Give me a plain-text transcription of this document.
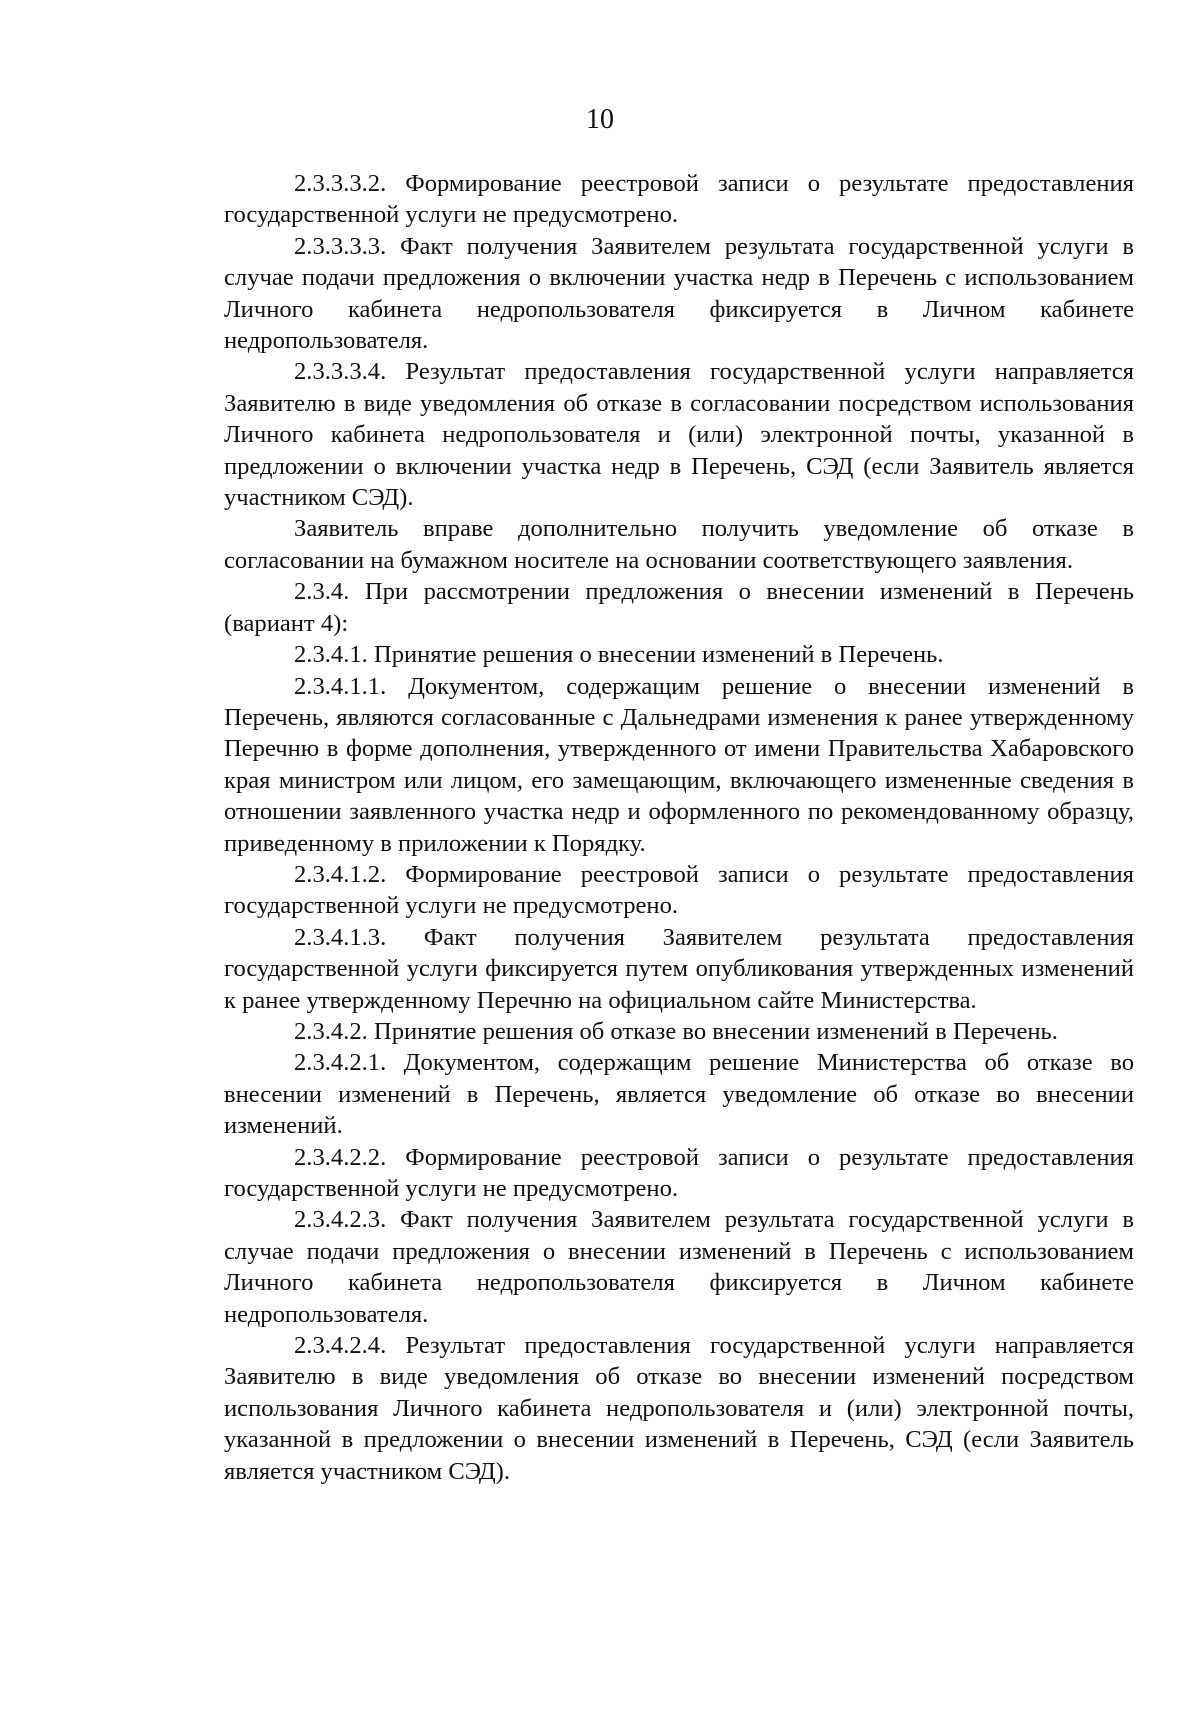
10

2.3.3.3.2. Формирование реестровой записи о результате предоставления государственной услуги не предусмотрено.

2.3.3.3.3. Факт получения Заявителем результата государственной услуги в случае подачи предложения о включении участка недр в Перечень с использованием Личного кабинета недропользователя фиксируется в Личном кабинете недропользователя.

2.3.3.3.4. Результат предоставления государственной услуги направляется Заявителю в виде уведомления об отказе в согласовании посредством использования Личного кабинета недропользователя и (или) электронной почты, указанной в предложении о включении участка недр в Перечень, СЭД (если Заявитель является участником СЭД).

Заявитель вправе дополнительно получить уведомление об отказе в согласовании на бумажном носителе на основании соответствующего заявления.

2.3.4. При рассмотрении предложения о внесении изменений в Перечень (вариант 4):

2.3.4.1. Принятие решения о внесении изменений в Перечень.

2.3.4.1.1. Документом, содержащим решение о внесении изменений в Перечень, являются согласованные с Дальнедрами изменения к ранее утвержденному Перечню в форме дополнения, утвержденного от имени Правительства Хабаровского края министром или лицом, его замещающим, включающего измененные сведения в отношении заявленного участка недр и оформленного по рекомендованному образцу, приведенному в приложении к Порядку.

2.3.4.1.2. Формирование реестровой записи о результате предоставления государственной услуги не предусмотрено.

2.3.4.1.3. Факт получения Заявителем результата предоставления государственной услуги фиксируется путем опубликования утвержденных изменений к ранее утвержденному Перечню на официальном сайте Министерства.

2.3.4.2. Принятие решения об отказе во внесении изменений в Перечень.

2.3.4.2.1. Документом, содержащим решение Министерства об отказе во внесении изменений в Перечень, является уведомление об отказе во внесении изменений.

2.3.4.2.2. Формирование реестровой записи о результате предоставления государственной услуги не предусмотрено.

2.3.4.2.3. Факт получения Заявителем результата государственной услуги в случае подачи предложения о внесении изменений в Перечень с использованием Личного кабинета недропользователя фиксируется в Личном кабинете недропользователя.

2.3.4.2.4. Результат предоставления государственной услуги направляется Заявителю в виде уведомления об отказе во внесении изменений посредством использования Личного кабинета недропользователя и (или) электронной почты, указанной в предложении о внесении изменений в Перечень, СЭД (если Заявитель является участником СЭД).
